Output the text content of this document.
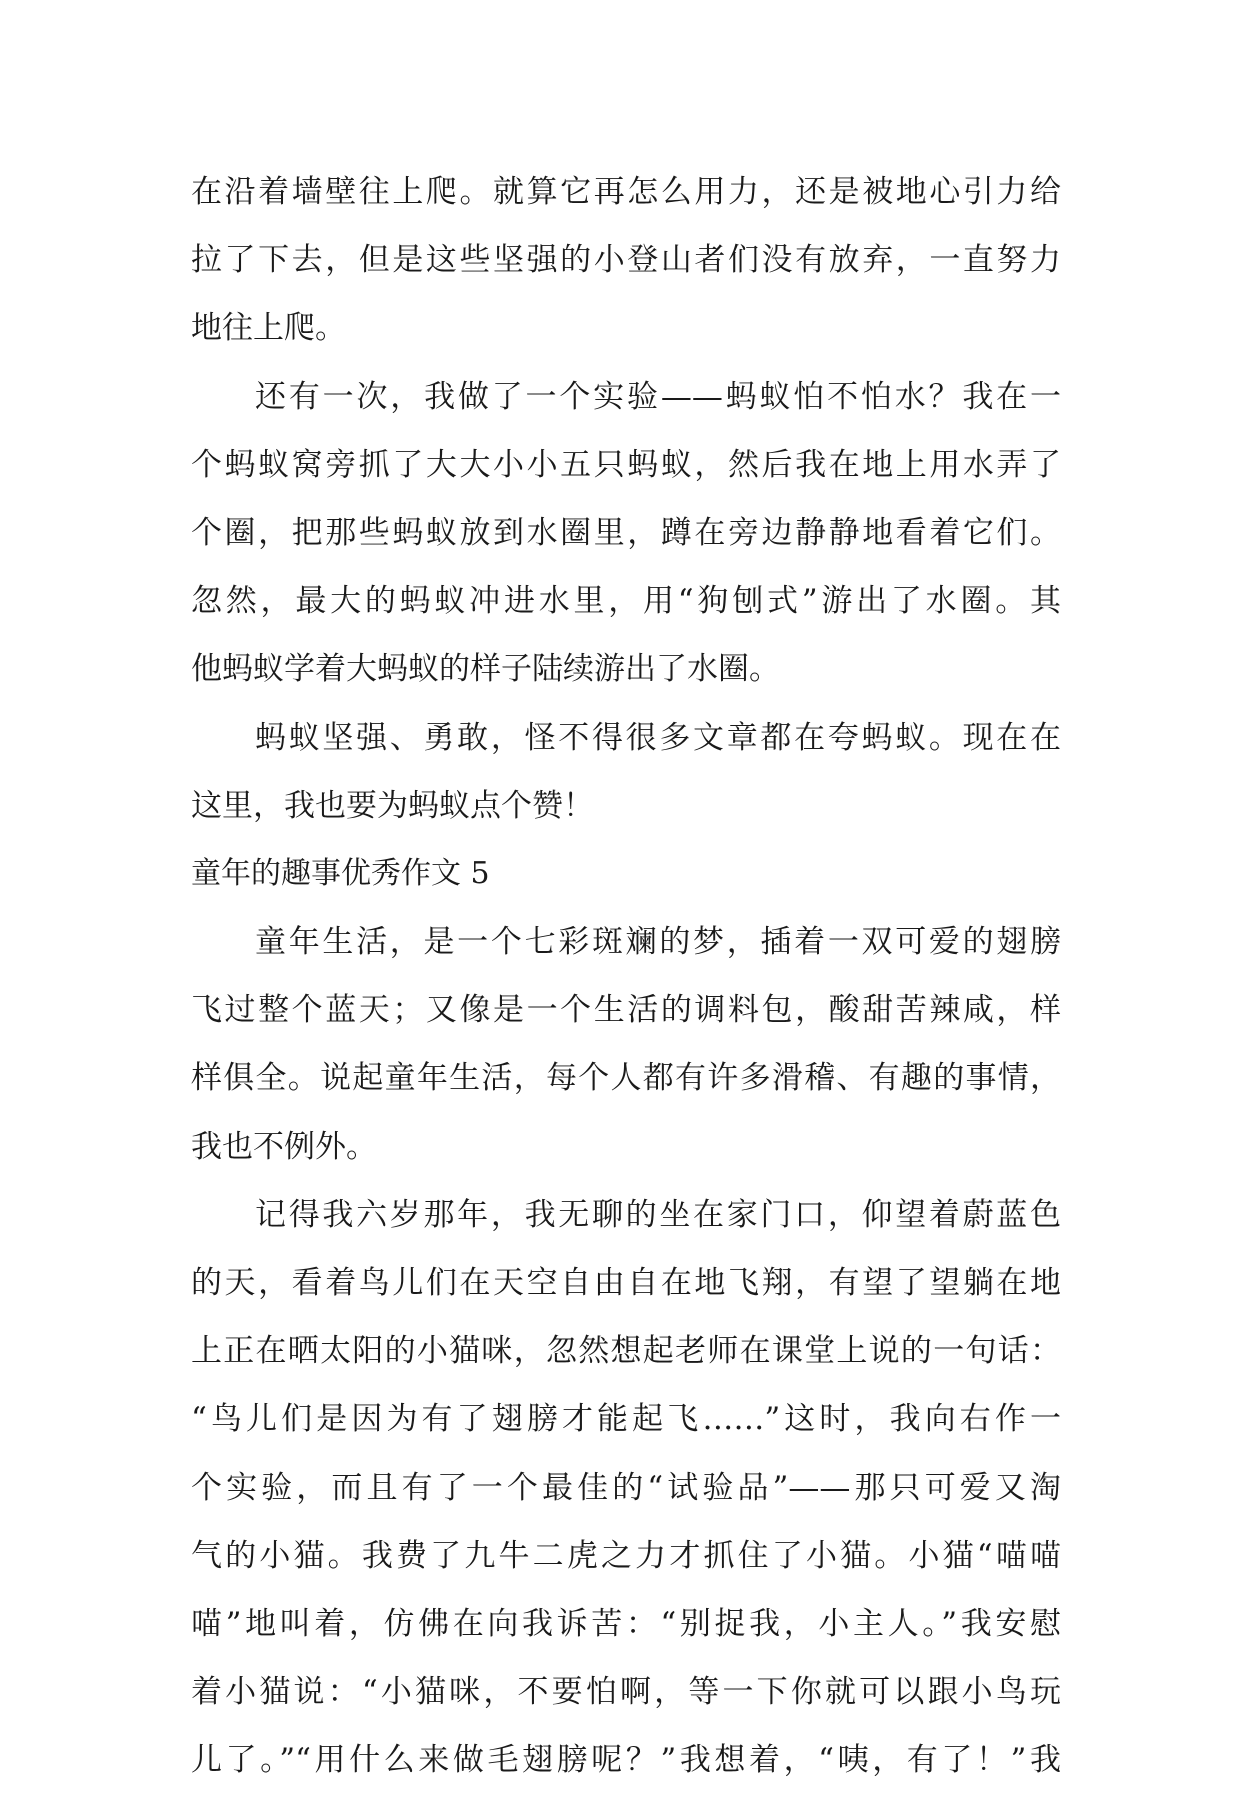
在沿着墙壁往上爬。就算它再怎么用力，还是被地心引力给
拉了下去，但是这些坚强的小登山者们没有放弃，一直努力
地往上爬。
还有一次，我做了一个实验——蚂蚁怕不怕水？我在一
个蚂蚁窝旁抓了大大小小五只蚂蚁，然后我在地上用水弄了
个圈，把那些蚂蚁放到水圈里，蹲在旁边静静地看着它们。
忽然，最大的蚂蚁冲进水里，用“狗刨式”游出了水圈。其
他蚂蚁学着大蚂蚁的样子陆续游出了水圈。
蚂蚁坚强、勇敢，怪不得很多文章都在夸蚂蚁。现在在
这里，我也要为蚂蚁点个赞！
童年的趣事优秀作文 5
童年生活，是一个七彩斑斓的梦，插着一双可爱的翅膀
飞过整个蓝天；又像是一个生活的调料包，酸甜苦辣咸，样
样俱全。说起童年生活，每个人都有许多滑稽、有趣的事情，
我也不例外。
记得我六岁那年，我无聊的坐在家门口，仰望着蔚蓝色
的天，看着鸟儿们在天空自由自在地飞翔，有望了望躺在地
上正在晒太阳的小猫咪，忽然想起老师在课堂上说的一句话：
“鸟儿们是因为有了翅膀才能起飞……”这时，我向右作一
个实验，而且有了一个最佳的“试验品”——那只可爱又淘
气的小猫。我费了九牛二虎之力才抓住了小猫。小猫“喵喵
喵”地叫着，仿佛在向我诉苦：“别捉我，小主人。”我安慰
着小猫说：“小猫咪，不要怕啊，等一下你就可以跟小鸟玩
儿了。”“用什么来做毛翅膀呢？”我想着，“咦，有了！”我
